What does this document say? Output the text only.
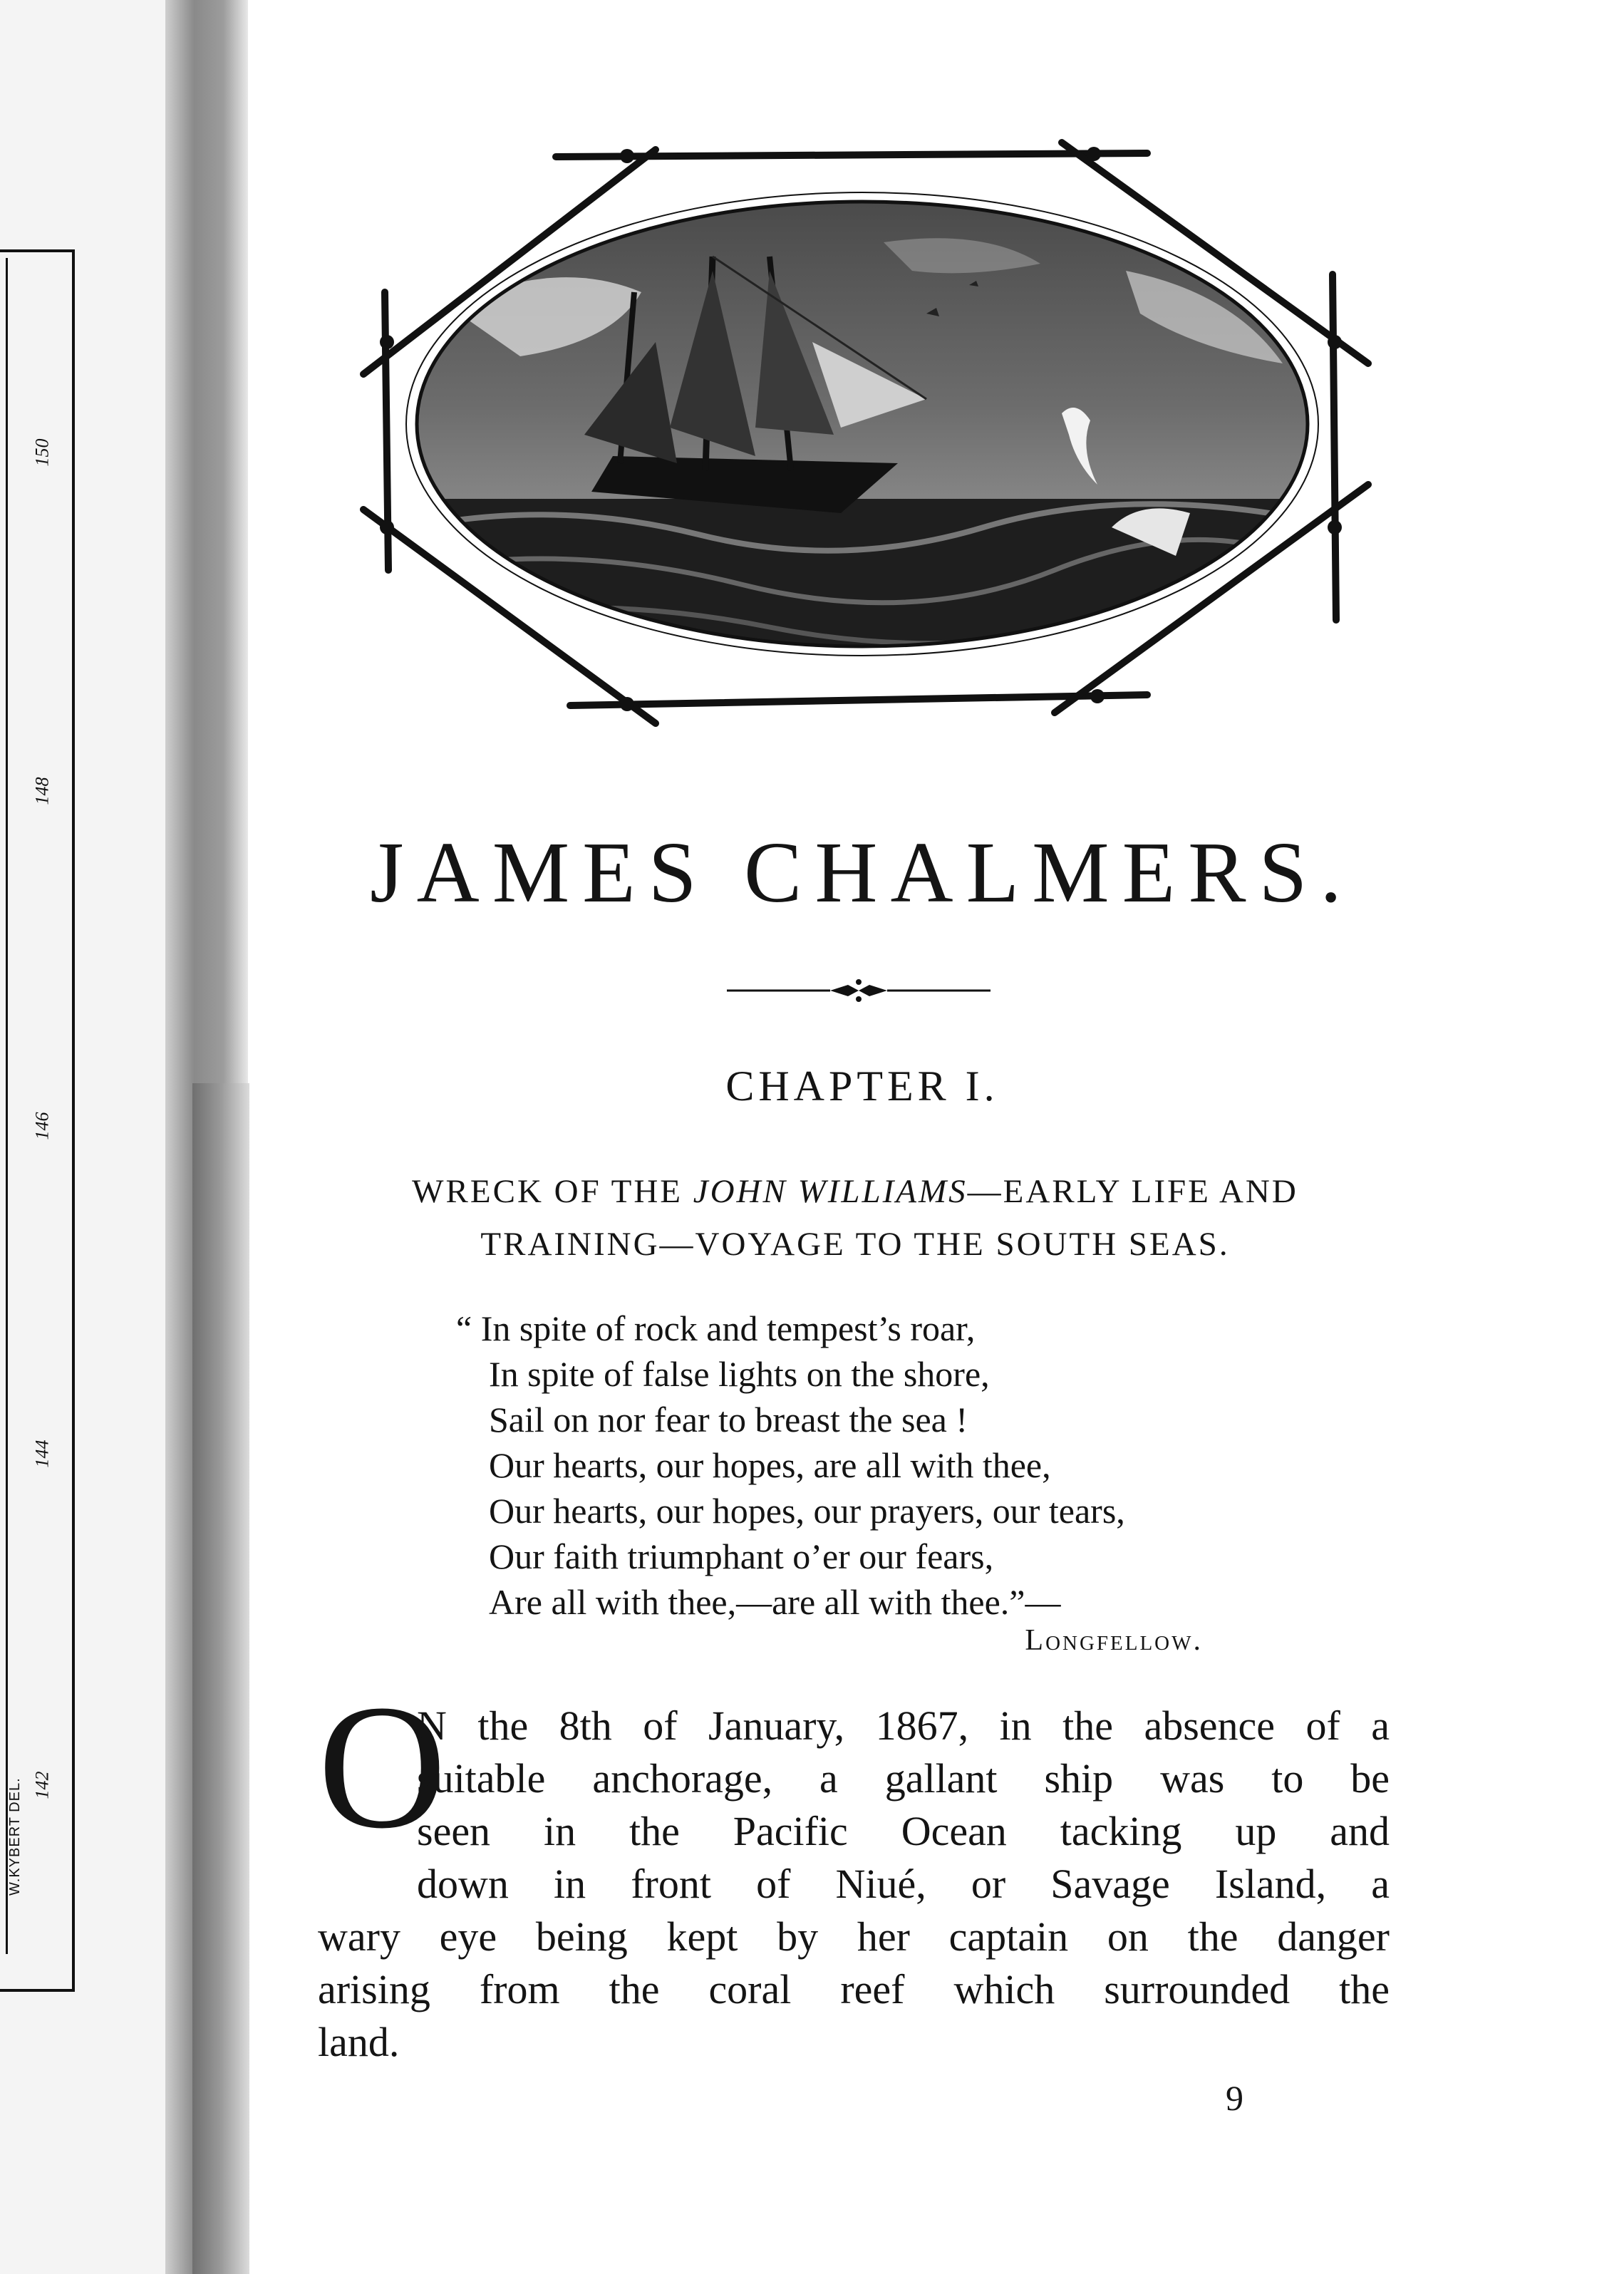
150
148
146
144
142
W.KYBERT DEL.
JAMES CHALMERS.
CHAPTER I.
WRECK OF THE JOHN WILLIAMS—EARLY LIFE AND
TRAINING—VOYAGE TO THE SOUTH SEAS.
“ In spite of rock and tempest’s roar,
In spite of false lights on the shore,
Sail on nor fear to breast the sea !
Our hearts, our hopes, are all with thee,
Our hearts, our hopes, our prayers, our tears,
Our faith triumphant o’er our fears,
Are all with thee,—are all with thee.”—
Longfellow.
O
N the 8th of January, 1867, in the absence of a
suitable anchorage, a gallant ship was to be
seen in the Pacific Ocean tacking up and
down in front of Niué, or Savage Island, a
wary eye being kept by her captain on the danger
arising from the coral reef which surrounded the
land.
9
